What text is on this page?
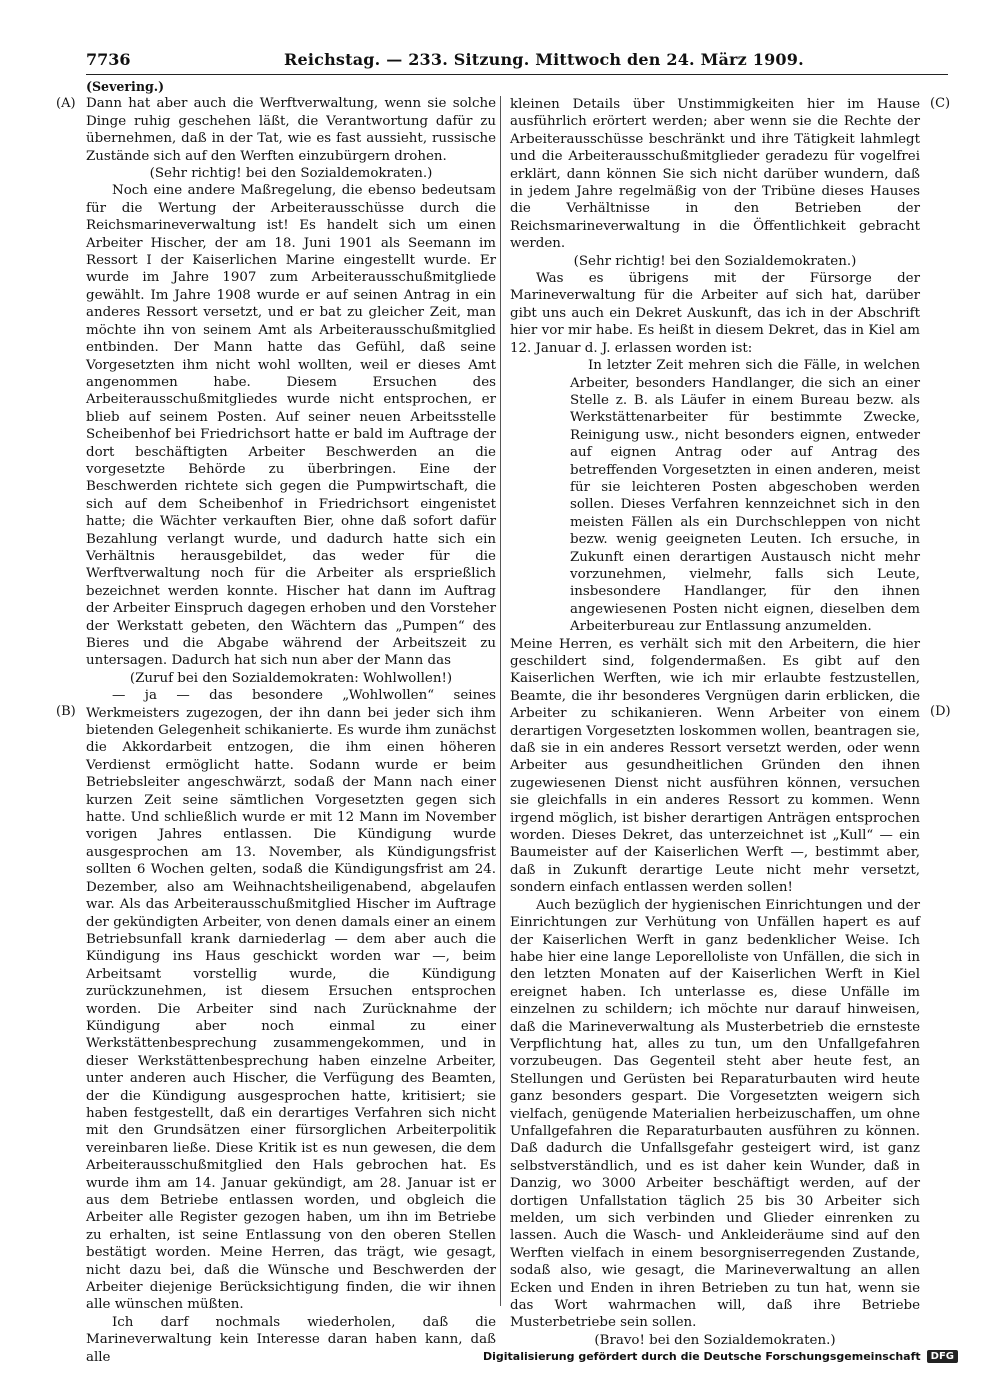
7736	Reichstag. — 233. Sitzung. Mittwoch den 24. März 1909.
(A)
(B)
(C)
(D)

(Severing.)

Dann hat aber auch die Werftverwaltung, wenn sie solche Dinge ruhig geschehen läßt, die Verantwortung dafür zu übernehmen, daß in der Tat, wie es fast aussieht, russische Zustände sich auf den Werften einzubürgern drohen.

(Sehr richtig! bei den Sozialdemokraten.)

Noch eine andere Maßregelung, die ebenso bedeutsam für die Wertung der Arbeiterausschüsse durch die Reichsmarineverwaltung ist! Es handelt sich um einen Arbeiter Hischer, der am 18. Juni 1901 als Seemann im Ressort I der Kaiserlichen Marine eingestellt wurde. Er wurde im Jahre 1907 zum Arbeiterausschußmitgliede gewählt. Im Jahre 1908 wurde er auf seinen Antrag in ein anderes Ressort versetzt, und er bat zu gleicher Zeit, man möchte ihn von seinem Amt als Arbeiterausschußmitglied entbinden. Der Mann hatte das Gefühl, daß seine Vorgesetzten ihm nicht wohl wollten, weil er dieses Amt angenommen habe. Diesem Ersuchen des Arbeiterausschußmitgliedes wurde nicht entsprochen, er blieb auf seinem Posten. Auf seiner neuen Arbeitsstelle Scheibenhof bei Friedrichsort hatte er bald im Auftrage der dort beschäftigten Arbeiter Beschwerden an die vorgesetzte Behörde zu überbringen. Eine der Beschwerden richtete sich gegen die Pumpwirtschaft, die sich auf dem Scheibenhof in Friedrichsort eingenistet hatte; die Wächter verkauften Bier, ohne daß sofort dafür Bezahlung verlangt wurde, und dadurch hatte sich ein Verhältnis herausgebildet, das weder für die Werftverwaltung noch für die Arbeiter als ersprießlich bezeichnet werden konnte. Hischer hat dann im Auftrag der Arbeiter Einspruch dagegen erhoben und den Vorsteher der Werkstatt gebeten, den Wächtern das „Pumpen“ des Bieres und die Abgabe während der Arbeitszeit zu untersagen. Dadurch hat sich nun aber der Mann das

(Zuruf bei den Sozialdemokraten: Wohlwollen!)

— ja — das besondere „Wohlwollen“ seines Werkmeisters zugezogen, der ihn dann bei jeder sich ihm bietenden Gelegenheit schikanierte. Es wurde ihm zunächst die Akkordarbeit entzogen, die ihm einen höheren Verdienst ermöglicht hatte. Sodann wurde er beim Betriebsleiter angeschwärzt, sodaß der Mann nach einer kurzen Zeit seine sämtlichen Vorgesetzten gegen sich hatte. Und schließlich wurde er mit 12 Mann im November vorigen Jahres entlassen. Die Kündigung wurde ausgesprochen am 13. November, als Kündigungsfrist sollten 6 Wochen gelten, sodaß die Kündigungsfrist am 24. Dezember, also am Weihnachtsheiligenabend, abgelaufen war. Als das Arbeiterausschußmitglied Hischer im Auftrage der gekündigten Arbeiter, von denen damals einer an einem Betriebsunfall krank darniederlag — dem aber auch die Kündigung ins Haus geschickt worden war —, beim Arbeitsamt vorstellig wurde, die Kündigung zurückzunehmen, ist diesem Ersuchen entsprochen worden. Die Arbeiter sind nach Zurücknahme der Kündigung aber noch einmal zu einer Werkstättenbesprechung zusammengekommen, und in dieser Werkstättenbesprechung haben einzelne Arbeiter, unter anderen auch Hischer, die Verfügung des Beamten, der die Kündigung ausgesprochen hatte, kritisiert; sie haben festgestellt, daß ein derartiges Verfahren sich nicht mit den Grundsätzen einer fürsorglichen Arbeiterpolitik vereinbaren ließe. Diese Kritik ist es nun gewesen, die dem Arbeiterausschußmitglied den Hals gebrochen hat. Es wurde ihm am 14. Januar gekündigt, am 28. Januar ist er aus dem Betriebe entlassen worden, und obgleich die Arbeiter alle Register gezogen haben, um ihn im Betriebe zu erhalten, ist seine Entlassung von den oberen Stellen bestätigt worden. Meine Herren, das trägt, wie gesagt, nicht dazu bei, daß die Wünsche und Beschwerden der Arbeiter diejenige Berücksichtigung finden, die wir ihnen alle wünschen müßten.

Ich darf nochmals wiederholen, daß die Marineverwaltung kein Interesse daran haben kann, daß alle

kleinen Details über Unstimmigkeiten hier im Hause ausführlich erörtert werden; aber wenn sie die Rechte der Arbeiterausschüsse beschränkt und ihre Tätigkeit lahmlegt und die Arbeiterausschußmitglieder geradezu für vogelfrei erklärt, dann können Sie sich nicht darüber wundern, daß in jedem Jahre regelmäßig von der Tribüne dieses Hauses die Verhältnisse in den Betrieben der Reichsmarineverwaltung in die Öffentlichkeit gebracht werden.

(Sehr richtig! bei den Sozialdemokraten.)

Was es übrigens mit der Fürsorge der Marineverwaltung für die Arbeiter auf sich hat, darüber gibt uns auch ein Dekret Auskunft, das ich in der Abschrift hier vor mir habe. Es heißt in diesem Dekret, das in Kiel am 12. Januar d. J. erlassen worden ist:

In letzter Zeit mehren sich die Fälle, in welchen Arbeiter, besonders Handlanger, die sich an einer Stelle z. B. als Läufer in einem Bureau bezw. als Werkstättenarbeiter für bestimmte Zwecke, Reinigung usw., nicht besonders eignen, entweder auf eignen Antrag oder auf Antrag des betreffenden Vorgesetzten in einen anderen, meist für sie leichteren Posten abgeschoben werden sollen. Dieses Verfahren kennzeichnet sich in den meisten Fällen als ein Durchschleppen von nicht bezw. wenig geeigneten Leuten. Ich ersuche, in Zukunft einen derartigen Austausch nicht mehr vorzunehmen, vielmehr, falls sich Leute, insbesondere Handlanger, für den ihnen angewiesenen Posten nicht eignen, dieselben dem Arbeiterbureau zur Entlassung anzumelden.

Meine Herren, es verhält sich mit den Arbeitern, die hier geschildert sind, folgendermaßen. Es gibt auf den Kaiserlichen Werften, wie ich mir erlaubte festzustellen, Beamte, die ihr besonderes Vergnügen darin erblicken, die Arbeiter zu schikanieren. Wenn Arbeiter von einem derartigen Vorgesetzten loskommen wollen, beantragen sie, daß sie in ein anderes Ressort versetzt werden, oder wenn Arbeiter aus gesundheitlichen Gründen den ihnen zugewiesenen Dienst nicht ausführen können, versuchen sie gleichfalls in ein anderes Ressort zu kommen. Wenn irgend möglich, ist bisher derartigen Anträgen entsprochen worden. Dieses Dekret, das unterzeichnet ist „Kull“ — ein Baumeister auf der Kaiserlichen Werft —, bestimmt aber, daß in Zukunft derartige Leute nicht mehr versetzt, sondern einfach entlassen werden sollen!

Auch bezüglich der hygienischen Einrichtungen und der Einrichtungen zur Verhütung von Unfällen hapert es auf der Kaiserlichen Werft in ganz bedenklicher Weise. Ich habe hier eine lange Leporelloliste von Unfällen, die sich in den letzten Monaten auf der Kaiserlichen Werft in Kiel ereignet haben. Ich unterlasse es, diese Unfälle im einzelnen zu schildern; ich möchte nur darauf hinweisen, daß die Marineverwaltung als Musterbetrieb die ernsteste Verpflichtung hat, alles zu tun, um den Unfallgefahren vorzubeugen. Das Gegenteil steht aber heute fest, an Stellungen und Gerüsten bei Reparaturbauten wird heute ganz besonders gespart. Die Vorgesetzten weigern sich vielfach, genügende Materialien herbeizuschaffen, um ohne Unfallgefahren die Reparaturbauten ausführen zu können. Daß dadurch die Unfallsgefahr gesteigert wird, ist ganz selbstverständlich, und es ist daher kein Wunder, daß in Danzig, wo 3000 Arbeiter beschäftigt werden, auf der dortigen Unfallstation täglich 25 bis 30 Arbeiter sich melden, um sich verbinden und Glieder einrenken zu lassen. Auch die Wasch- und Ankleideräume sind auf den Werften vielfach in einem besorgniserregenden Zustande, sodaß also, wie gesagt, die Marineverwaltung an allen Ecken und Enden in ihren Betrieben zu tun hat, wenn sie das Wort wahrmachen will, daß ihre Betriebe Musterbetriebe sein sollen.

(Bravo! bei den Sozialdemokraten.)

Digitalisierung gefördert durch die Deutsche Forschungsgemeinschaft	DFG
